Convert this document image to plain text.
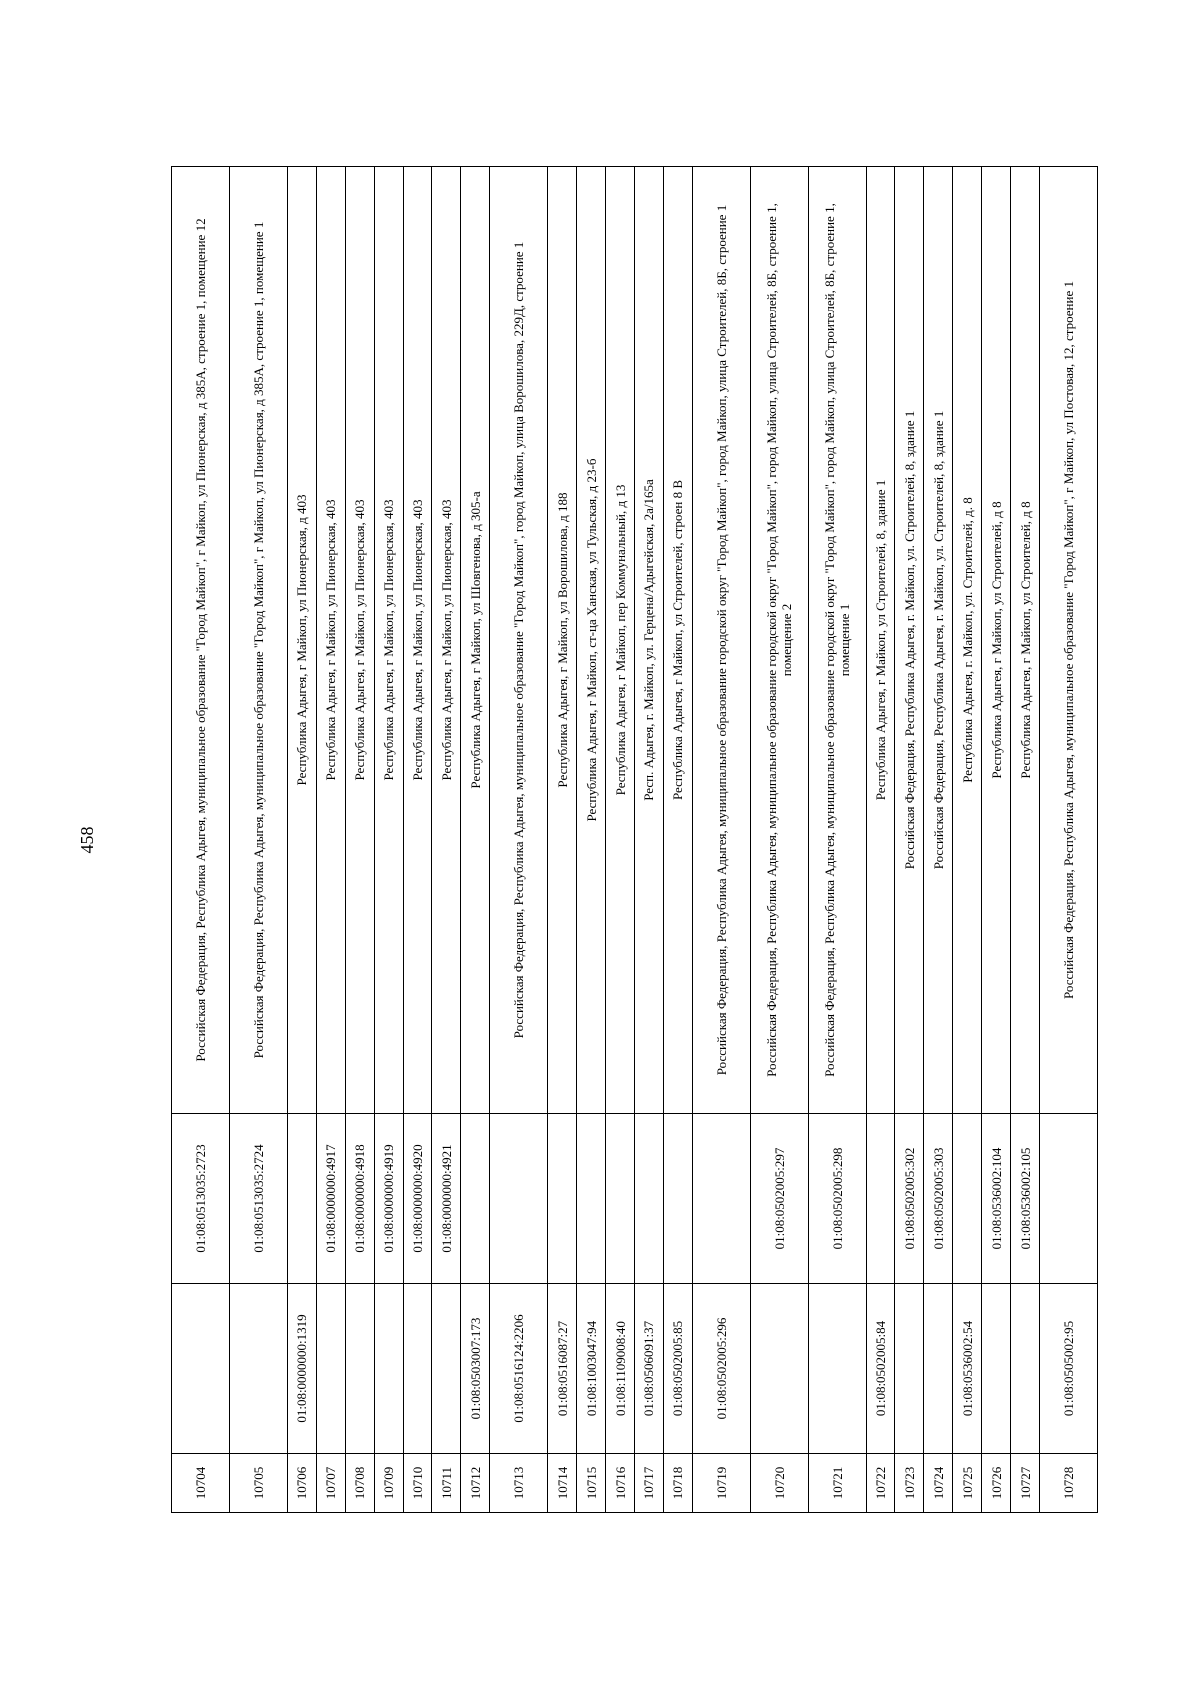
458
10704		01:08:0513035:2723	Российская Федерация, Республика Адыгея, муниципальное образование "Город Майкоп", г Майкоп, ул Пионерская, д 385А, строение 1, помещение 12
10705		01:08:0513035:2724	Российская Федерация, Республика Адыгея, муниципальное образование "Город Майкоп", г Майкоп, ул Пионерская, д 385А, строение 1, помещение 1
10706	01:08:0000000:1319		Республика Адыгея, г Майкоп, ул Пионерская, д 403
10707		01:08:0000000:4917	Республика Адыгея, г Майкоп, ул Пионерская, 403
10708		01:08:0000000:4918	Республика Адыгея, г Майкоп, ул Пионерская, 403
10709		01:08:0000000:4919	Республика Адыгея, г Майкоп, ул Пионерская, 403
10710		01:08:0000000:4920	Республика Адыгея, г Майкоп, ул Пионерская, 403
10711		01:08:0000000:4921	Республика Адыгея, г Майкоп, ул Пионерская, 403
10712	01:08:0503007:173		Республика Адыгея, г Майкоп, ул Шовгенова, д 305-а
10713	01:08:0516124:2206		Российская Федерация, Республика Адыгея, муниципальное образование "Город Майкоп", город Майкоп, улица Ворошилова, 229Д, строение 1
10714	01:08:0516087:27		Республика Адыгея, г Майкоп, ул Ворошилова, д 188
10715	01:08:1003047:94		Республика Адыгея, г Майкоп, ст-ца Ханская, ул Тульская, д 23-б
10716	01:08:1109008:40		Республика Адыгея, г Майкоп, пер Коммунальный, д 13
10717	01:08:0506091:37		Респ. Адыгея, г. Майкоп, ул. Герцена/Адыгейская, 2а/165а
10718	01:08:0502005:85		Республика Адыгея, г Майкоп, ул Строителей, строен 8 В
10719	01:08:0502005:296		Российская Федерация, Республика Адыгея, муниципальное образование городской округ "Город Майкоп", город Майкоп, улица Строителей, 8Б, строение 1
10720		01:08:0502005:297	Российская Федерация, Республика Адыгея, муниципальное образование городской округ "Город Майкоп", город Майкоп, улица Строителей, 8Б, строение 1, помещение 2
10721		01:08:0502005:298	Российская Федерация, Республика Адыгея, муниципальное образование городской округ "Город Майкоп", город Майкоп, улица Строителей, 8Б, строение 1, помещение 1
10722	01:08:0502005:84		Республика Адыгея, г Майкоп, ул Строителей, 8, здание 1
10723		01:08:0502005:302	Российская Федерация, Республика Адыгея, г. Майкоп, ул. Строителей, 8, здание 1
10724		01:08:0502005:303	Российская Федерация, Республика Адыгея, г. Майкоп, ул. Строителей, 8, здание 1
10725	01:08:0536002:54		Республика Адыгея, г. Майкоп, ул. Строителей, д. 8
10726		01:08:0536002:104	Республика Адыгея, г Майкоп, ул Строителей, д 8
10727		01:08:0536002:105	Республика Адыгея, г Майкоп, ул Строителей, д 8
10728	01:08:0505002:95		Российская Федерация, Республика Адыгея, муниципальное образование "Город Майкоп", г Майкоп, ул Постовая, 12, строение 1
